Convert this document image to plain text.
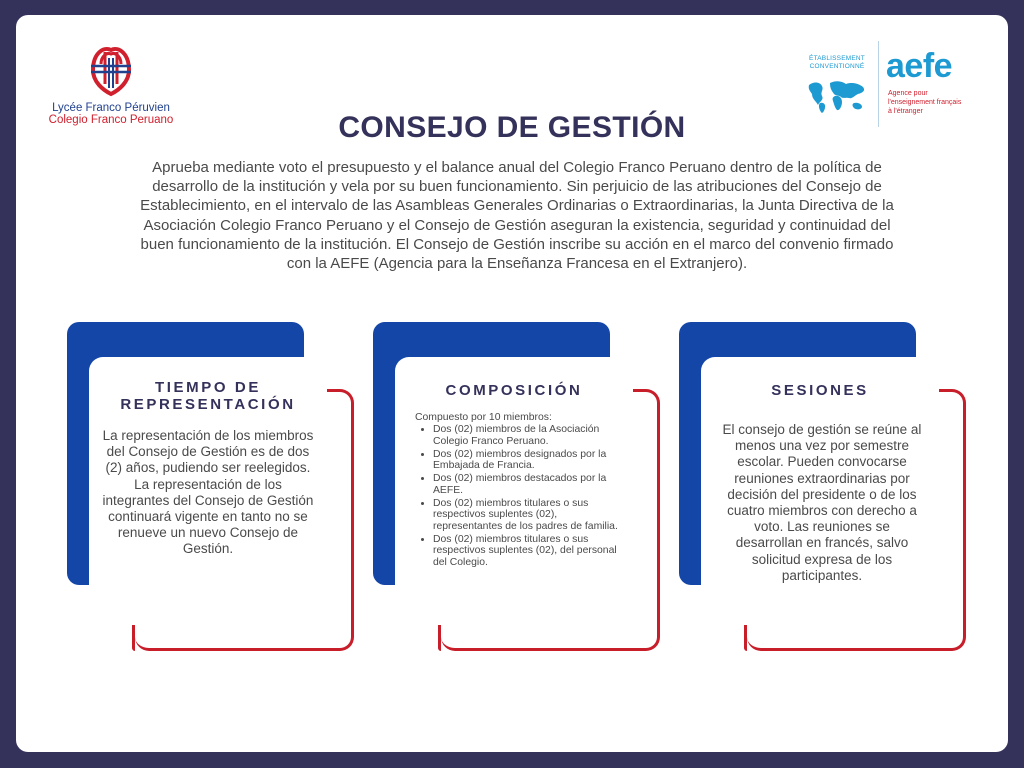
Lycée Franco Péruvien
Colegio Franco Peruano
ÉTABLISSEMENT CONVENTIONNÉ aefe
Agence pour
l'enseignement français
à l'étranger
CONSEJO DE GESTIÓN
Aprueba mediante voto el presupuesto y el balance anual del Colegio Franco Peruano dentro de la política de desarrollo de la institución y vela por su buen funcionamiento. Sin perjuicio de las atribuciones del Consejo de Establecimiento, en el intervalo de las Asambleas Generales Ordinarias o Extraordinarias, la Junta Directiva de la Asociación Colegio Franco Peruano y el Consejo de Gestión aseguran la existencia, seguridad y continuidad del buen funcionamiento de la institución. El Consejo de Gestión inscribe su acción en el marco del convenio firmado con la AEFE (Agencia para la Enseñanza Francesa en el Extranjero).
TIEMPO DE REPRESENTACIÓN
La representación de los miembros del Consejo de Gestión es de dos (2) años, pudiendo ser reelegidos. La representación de los integrantes del Consejo de Gestión continuará vigente en tanto no se renueve un nuevo Consejo de Gestión.
COMPOSICIÓN
Compuesto por 10 miembros:
• Dos (02) miembros de la Asociación Colegio Franco Peruano.
• Dos (02) miembros designados por la Embajada de Francia.
• Dos (02) miembros destacados por la AEFE.
• Dos (02) miembros titulares o sus respectivos suplentes (02), representantes de los padres de familia.
• Dos (02) miembros titulares o sus respectivos suplentes (02), del personal del Colegio.
SESIONES
El consejo de gestión se reúne al menos una vez por semestre escolar. Pueden convocarse reuniones extraordinarias por decisión del presidente o de los cuatro miembros con derecho a voto. Las reuniones se desarrollan en francés, salvo solicitud expresa de los participantes.
